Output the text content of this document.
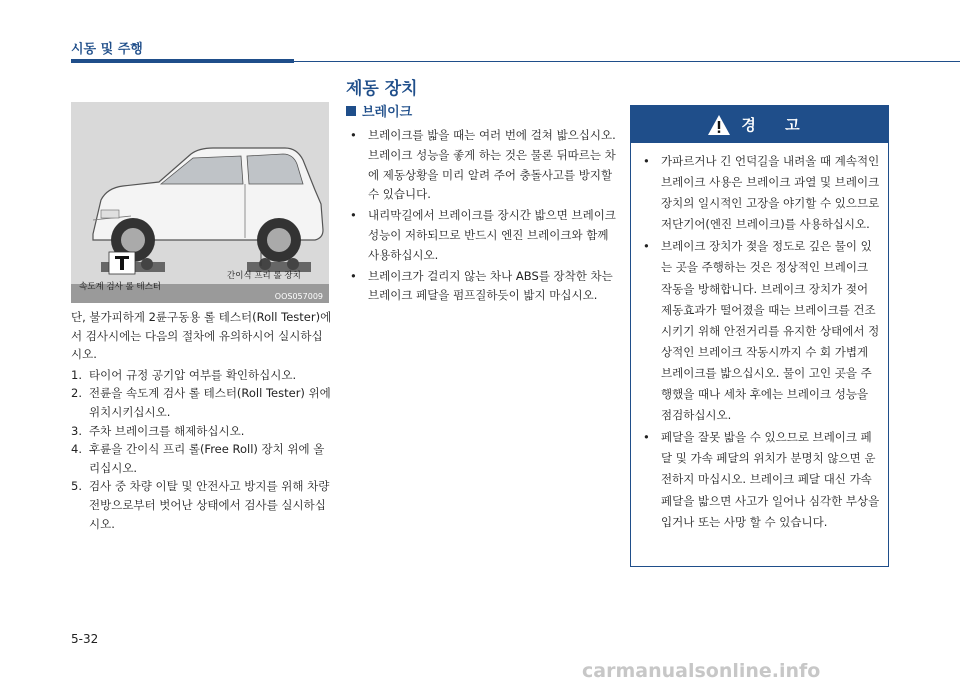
시동 및 주행
속도계 검사 롤 테스터
간이식 프리 롤 장치
OOS057009

단, 불가피하게 2륜구동용 롤 테스터(Roll Tester)에서 검사시에는 다음의 절차에 유의하시어 실시하십시오.

1. 타이어 규정 공기압 여부를 확인하십시오.
2. 전륜을 속도계 검사 롤 테스터(Roll Tester) 위에 위치시키십시오.
3. 주차 브레이크를 해제하십시오.
4. 후륜을 간이식 프리 롤(Free Roll) 장치 위에 올리십시오.
5. 검사 중 차량 이탈 및 안전사고 방지를 위해 차량 전방으로부터 벗어난 상태에서 검사를 실시하십시오.
제동 장치
브레이크
• 브레이크를 밟을 때는 여러 번에 걸쳐 밟으십시오. 브레이크 성능을 좋게 하는 것은 물론 뒤따르는 차에 제동상황을 미리 알려 주어 충돌사고를 방지할 수 있습니다.
• 내리막길에서 브레이크를 장시간 밟으면 브레이크 성능이 저하되므로 반드시 엔진 브레이크와 함께 사용하십시오.
• 브레이크가 걸리지 않는 차나 ABS를 장착한 차는 브레이크 페달을 펌프질하듯이 밟지 마십시오.
경 고
• 가파르거나 긴 언덕길을 내려올 때 계속적인 브레이크 사용은 브레이크 과열 및 브레이크 장치의 일시적인 고장을 야기할 수 있으므로 저단기어(엔진 브레이크)를 사용하십시오.
• 브레이크 장치가 젖을 정도로 깊은 물이 있는 곳을 주행하는 것은 정상적인 브레이크 작동을 방해합니다. 브레이크 장치가 젖어 제동효과가 떨어졌을 때는 브레이크를 건조시키기 위해 안전거리를 유지한 상태에서 정상적인 브레이크 작동시까지 수 회 가볍게 브레이크를 밟으십시오. 물이 고인 곳을 주행했을 때나 세차 후에는 브레이크 성능을 점검하십시오.
• 페달을 잘못 밟을 수 있으므로 브레이크 페달 및 가속 페달의 위치가 분명치 않으면 운전하지 마십시오. 브레이크 페달 대신 가속 페달을 밟으면 사고가 일어나 심각한 부상을 입거나 또는 사망 할 수 있습니다.
5-32
carmanualsonline.info
